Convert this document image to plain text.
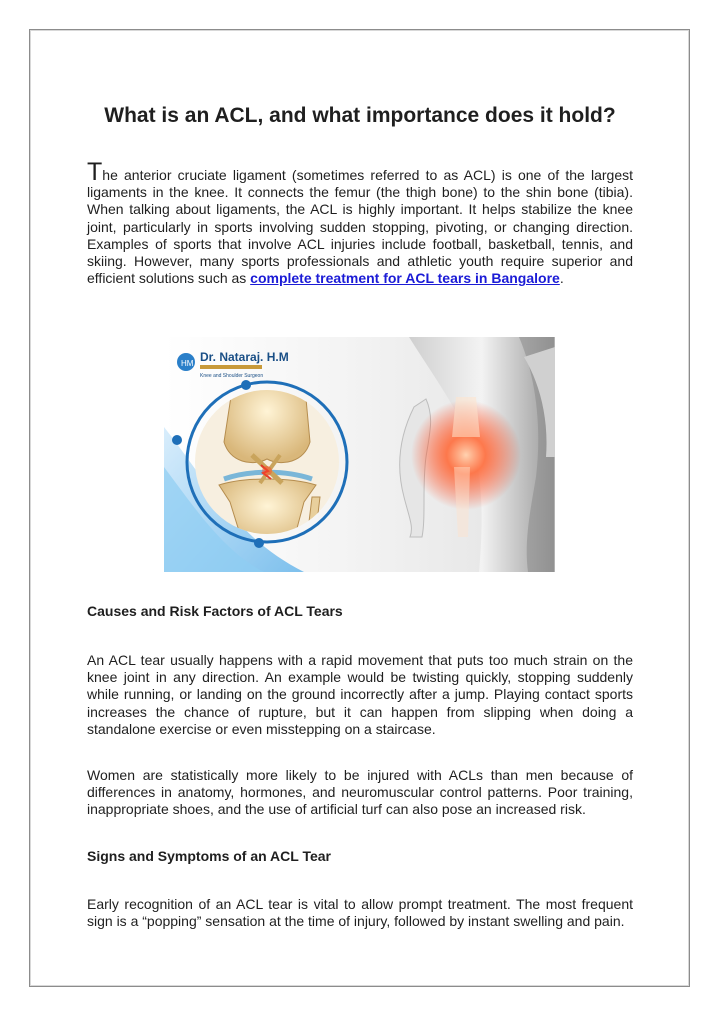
What is an ACL, and what importance does it hold?

The anterior cruciate ligament (sometimes referred to as ACL) is one of the largest ligaments in the knee. It connects the femur (the thigh bone) to the shin bone (tibia). When talking about ligaments, the ACL is highly important. It helps stabilize the knee joint, particularly in sports involving sudden stopping, pivoting, or changing direction. Examples of sports that involve ACL injuries include football, basketball, tennis, and skiing. However, many sports professionals and athletic youth require superior and efficient solutions such as complete treatment for ACL tears in Bangalore.

HM Dr. Nataraj. H.M
Knee and Shoulder Surgeon
Causes and Risk Factors of ACL Tears

An ACL tear usually happens with a rapid movement that puts too much strain on the knee joint in any direction. An example would be twisting quickly, stopping suddenly while running, or landing on the ground incorrectly after a jump. Playing contact sports increases the chance of rupture, but it can happen from slipping when doing a standalone exercise or even misstepping on a staircase.

Women are statistically more likely to be injured with ACLs than men because of differences in anatomy, hormones, and neuromuscular control patterns. Poor training, inappropriate shoes, and the use of artificial turf can also pose an increased risk.

Signs and Symptoms of an ACL Tear

Early recognition of an ACL tear is vital to allow prompt treatment. The most frequent sign is a “popping” sensation at the time of injury, followed by instant swelling and pain.
